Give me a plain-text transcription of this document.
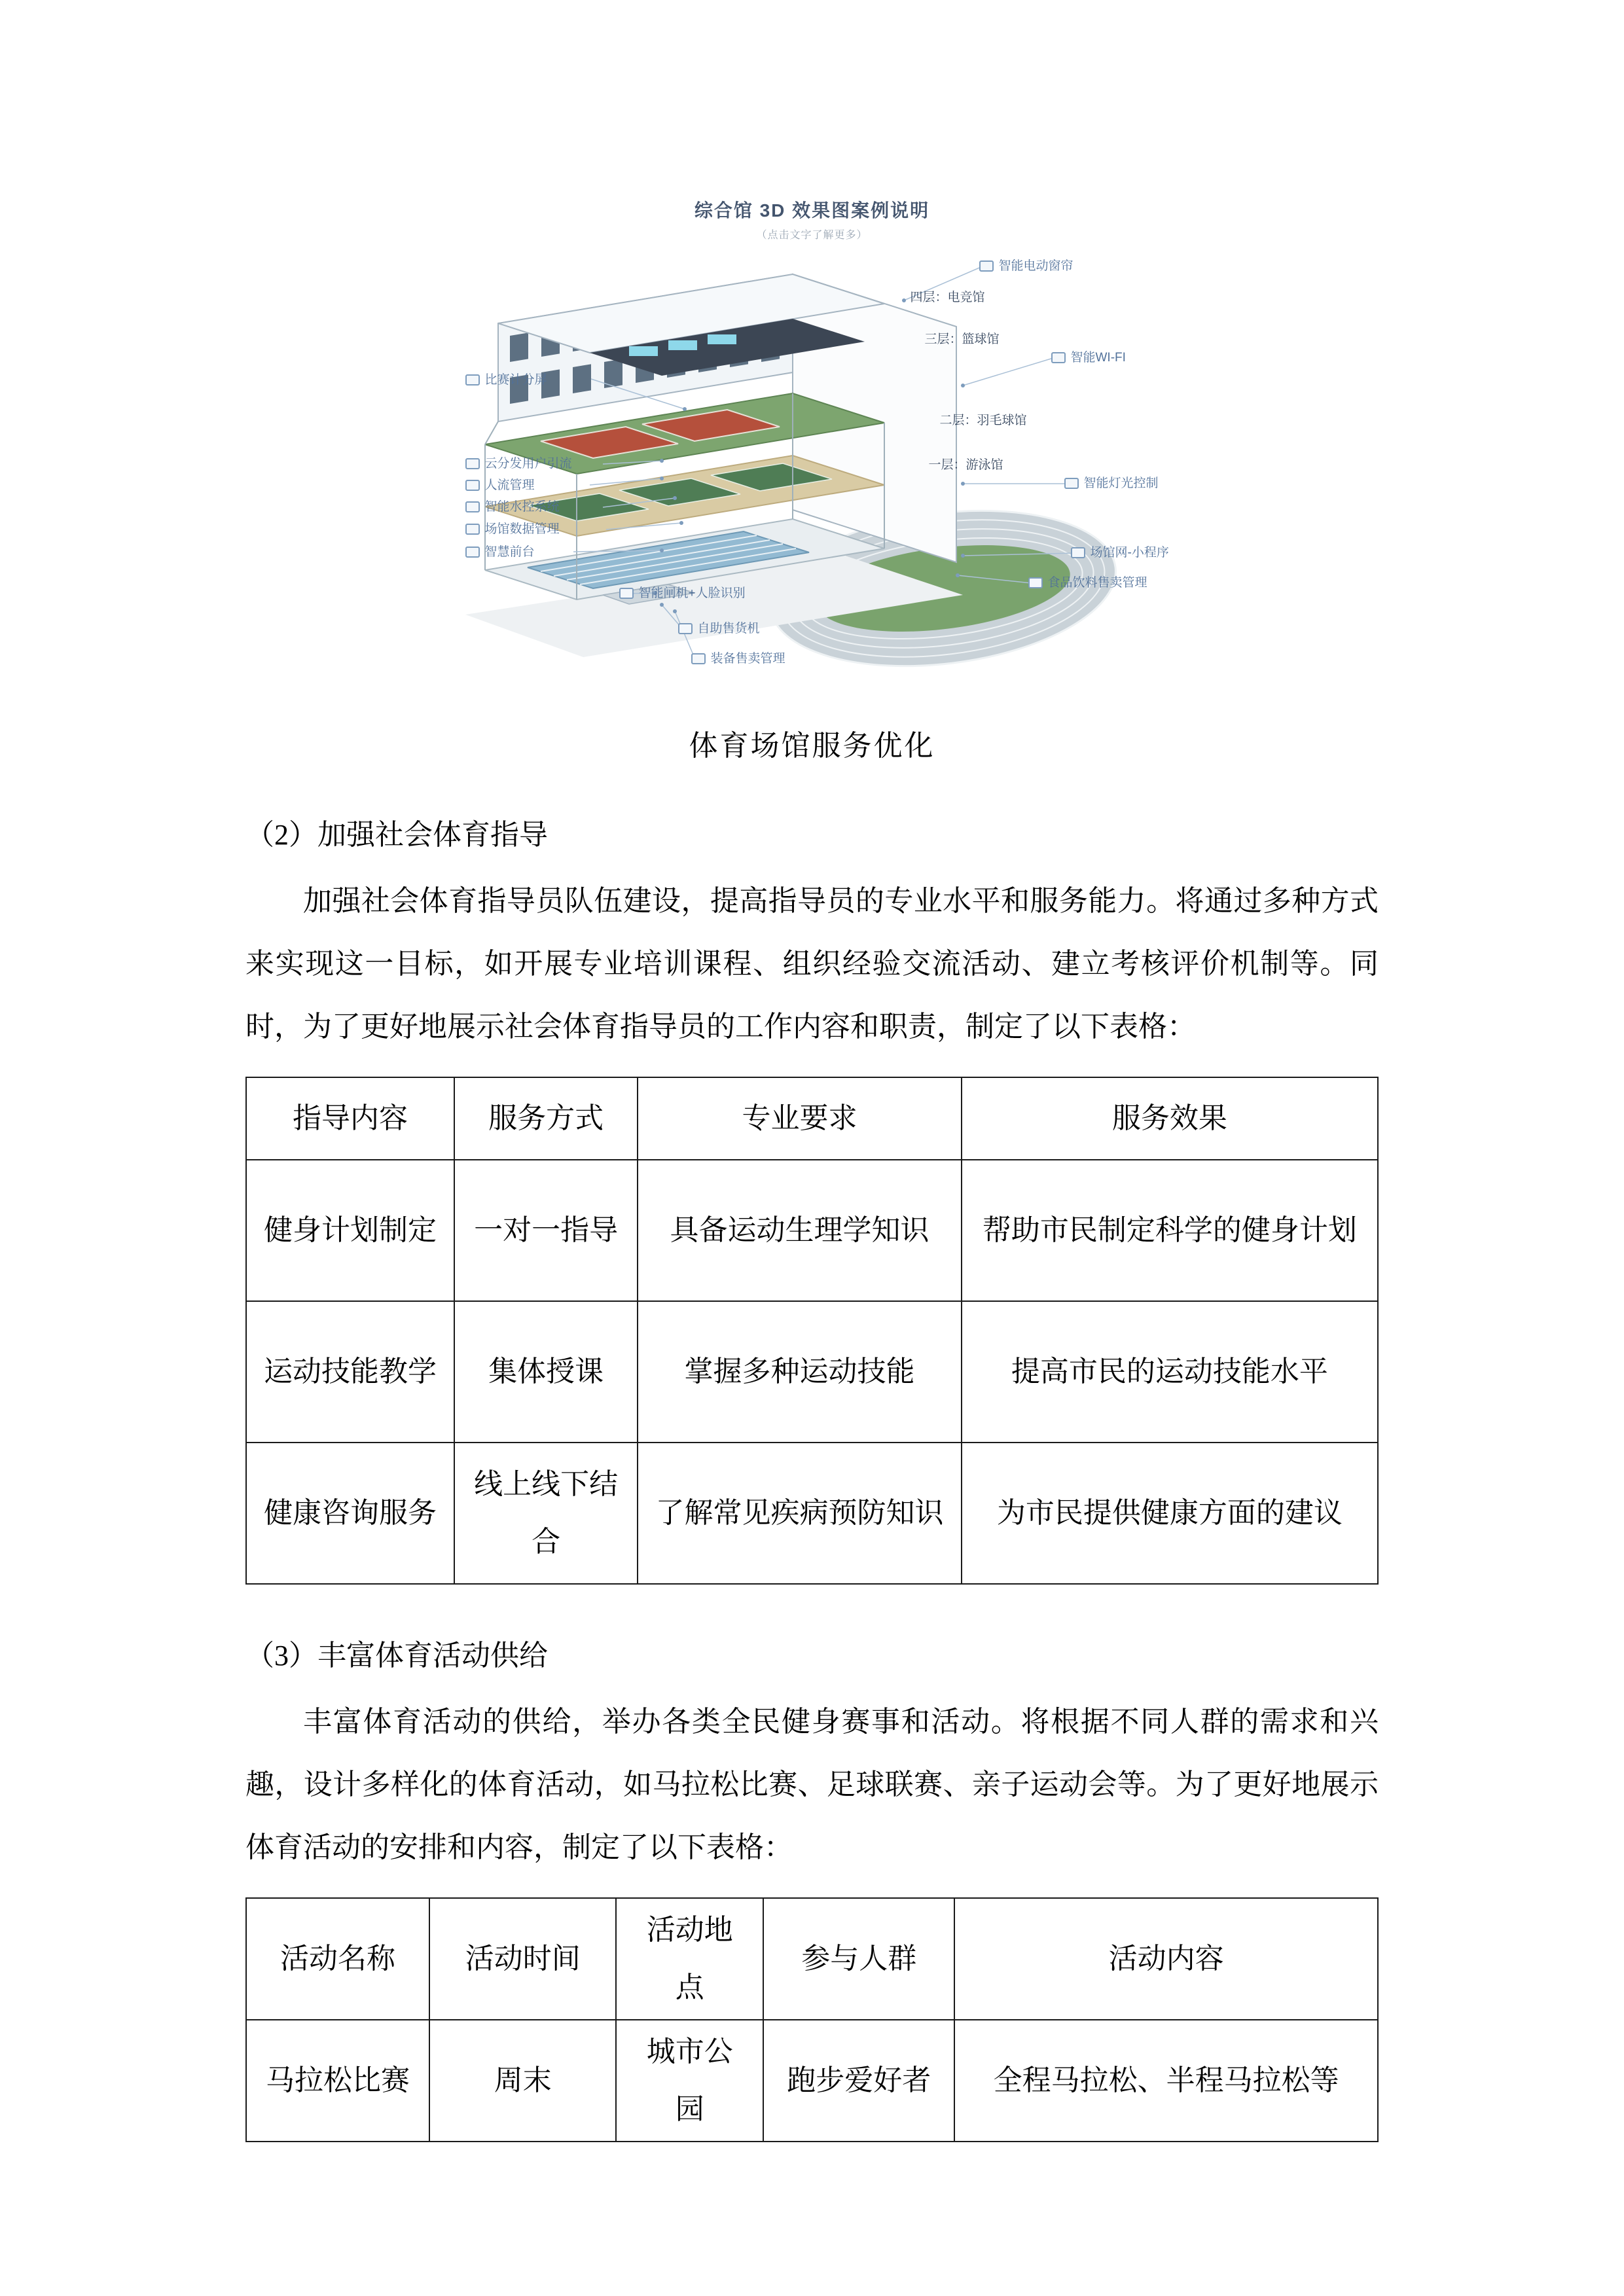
综合馆 3D 效果图案例说明
（点击文字了解更多）
比赛计分屏
云分发用户引流
人流管理
智能水控系统
场馆数据管理
智慧前台
智能闸机+人脸识别
自助售货机
装备售卖管理
智能电动窗帘
智能WI-FI
智能灯光控制
场馆网-小程序
食品饮料售卖管理
四层：电竞馆
三层：篮球馆
二层：羽毛球馆
一层：游泳馆
体育场馆服务优化
（2）加强社会体育指导

加强社会体育指导员队伍建设，提高指导员的专业水平和服务能力。将通过多种方式来实现这一目标，如开展专业培训课程、组织经验交流活动、建立考核评价机制等。同时，为了更好地展示社会体育指导员的工作内容和职责，制定了以下表格：

指导内容	服务方式	专业要求	服务效果
健身计划制定	一对一指导	具备运动生理学知识	帮助市民制定科学的健身计划
运动技能教学	集体授课	掌握多种运动技能	提高市民的运动技能水平
健康咨询服务	线上线下结合	了解常见疾病预防知识	为市民提供健康方面的建议
（3）丰富体育活动供给

丰富体育活动的供给，举办各类全民健身赛事和活动。将根据不同人群的需求和兴趣，设计多样化的体育活动，如马拉松比赛、足球联赛、亲子运动会等。为了更好地展示体育活动的安排和内容，制定了以下表格：

活动名称	活动时间	活动地点	参与人群	活动内容
马拉松比赛	周末	城市公园	跑步爱好者	全程马拉松、半程马拉松等
